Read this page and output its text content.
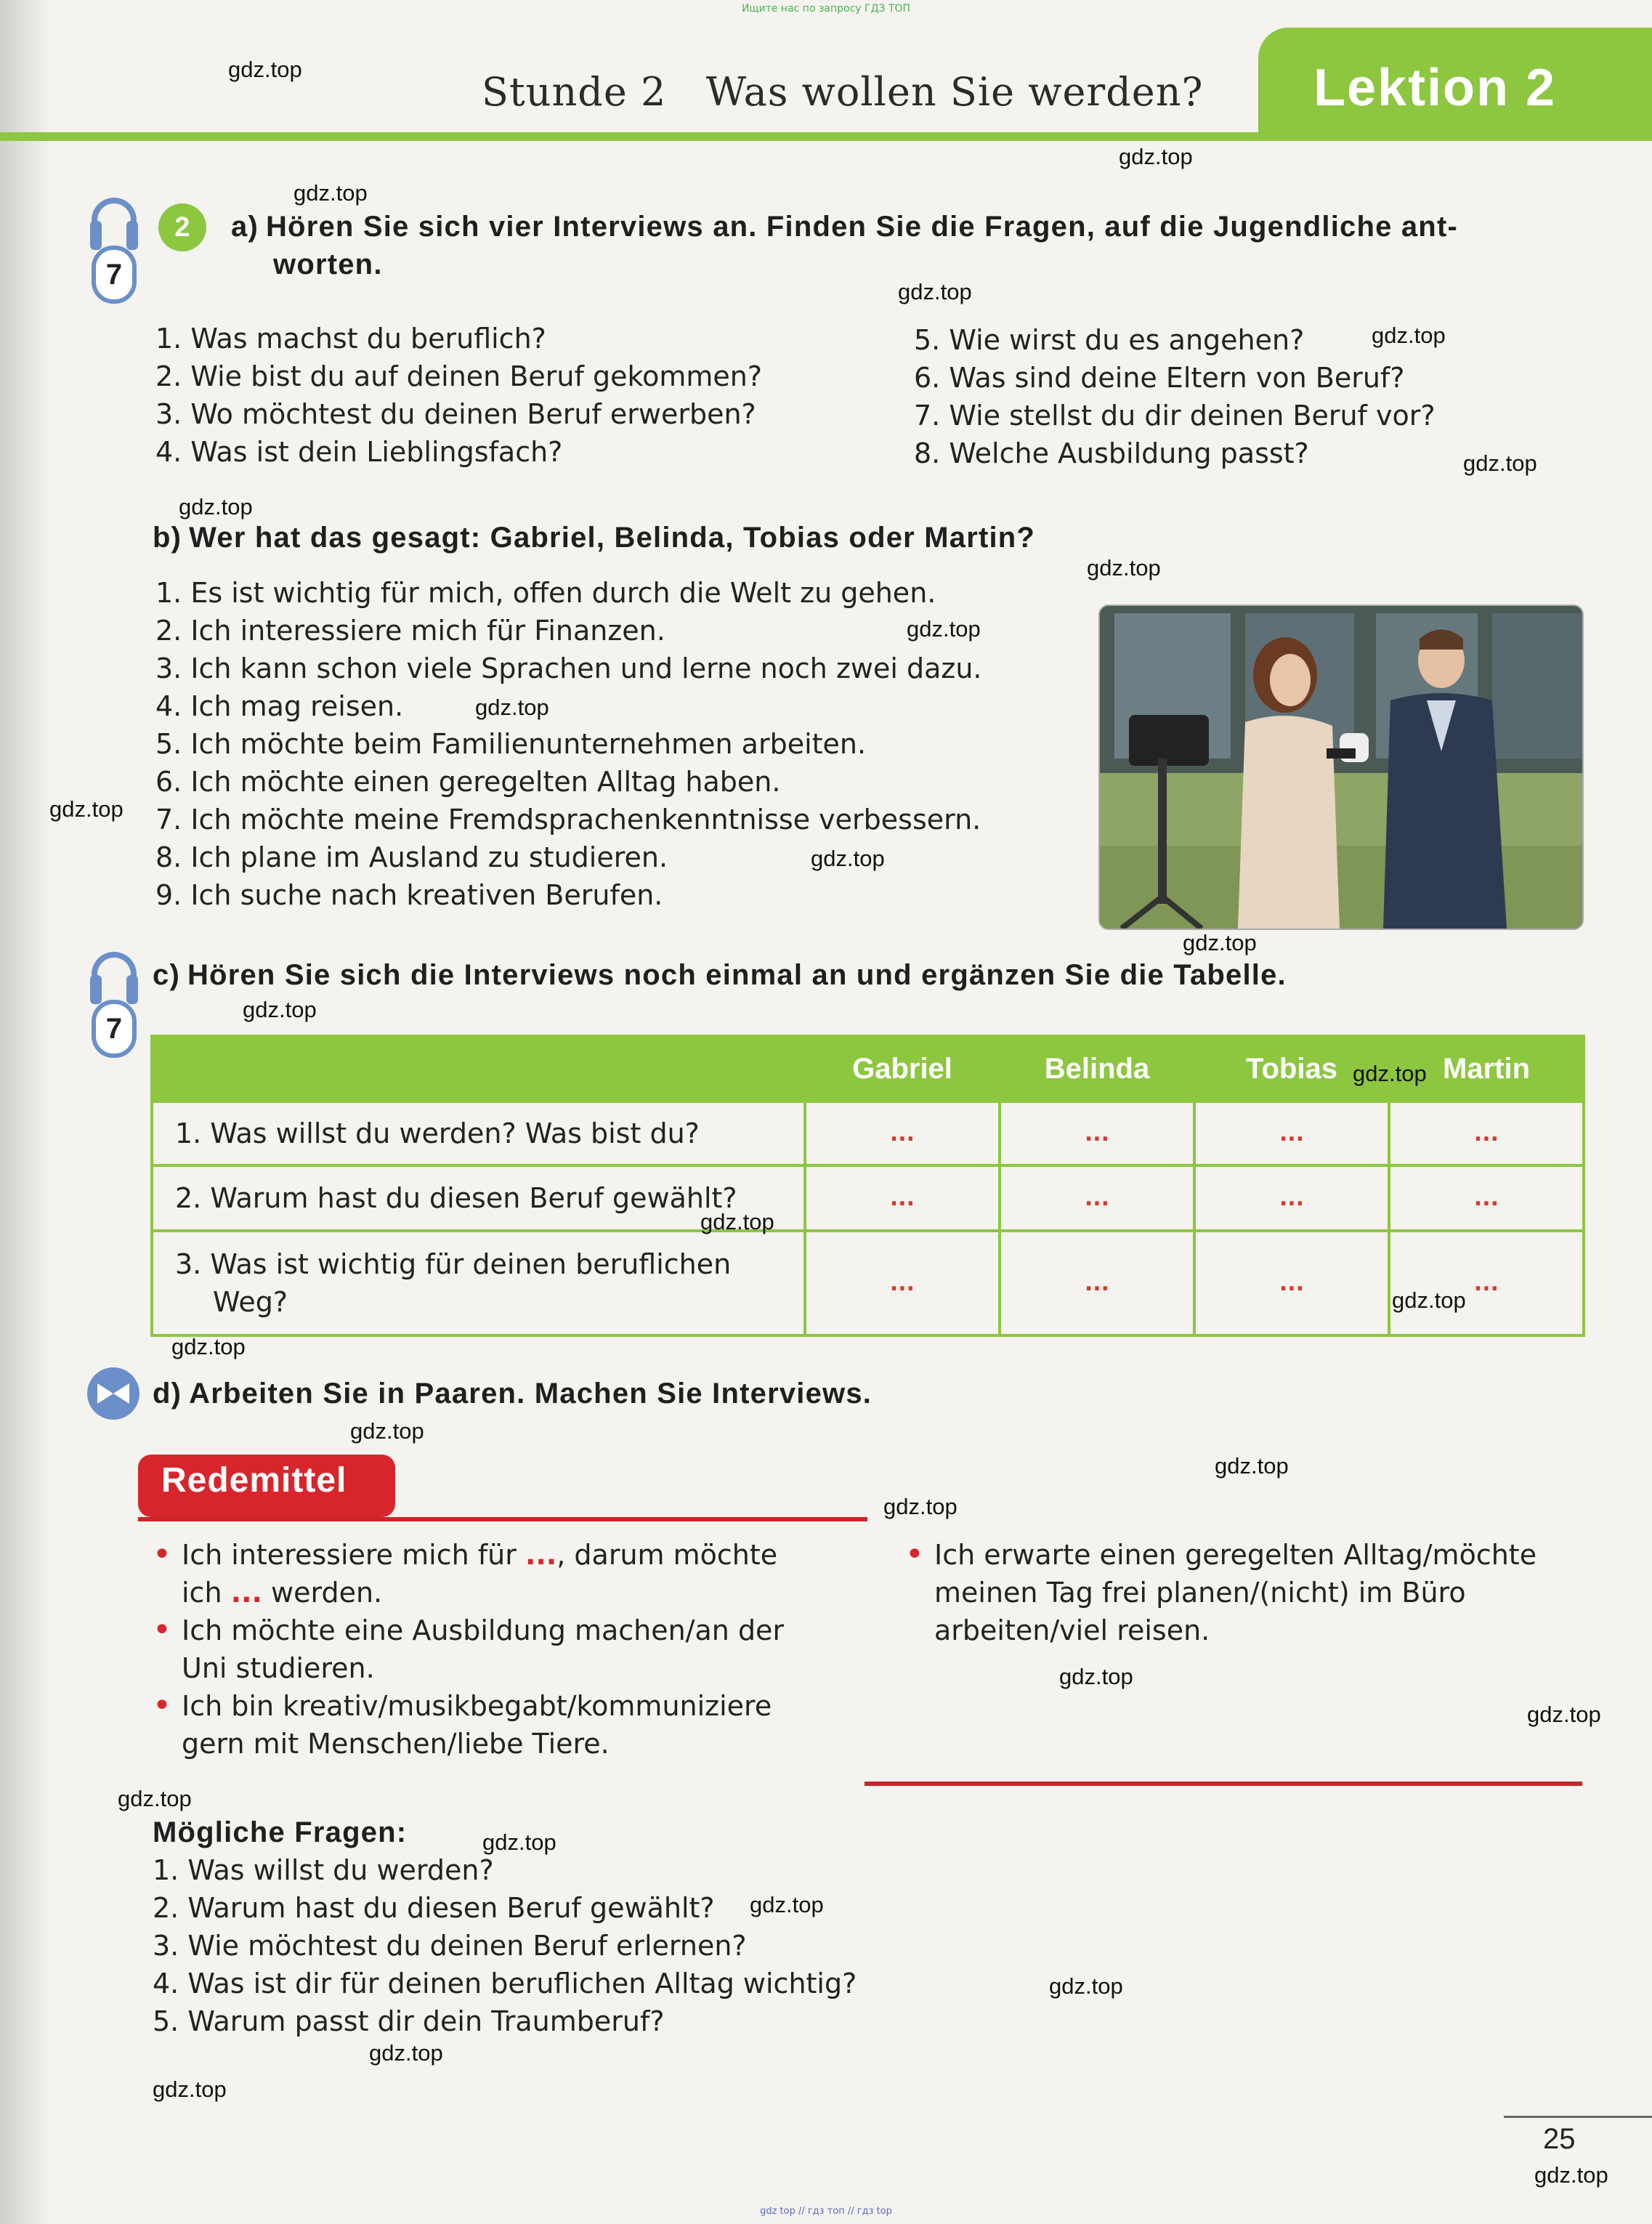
Ищите нас по запросу ГДЗ ТОП
Lektion 2
Stunde 2   Was wollen Sie werden?
7
2	a) Hören Sie sich vier Interviews an. Finden Sie die Fragen, auf die Jugendliche ant-
worten.
1. Was machst du beruflich?
2. Wie bist du auf deinen Beruf gekommen?
3. Wo möchtest du deinen Beruf erwerben?
4. Was ist dein Lieblingsfach?
5. Wie wirst du es angehen?
6. Was sind deine Eltern von Beruf?
7. Wie stellst du dir deinen Beruf vor?
8. Welche Ausbildung passt?
b) Wer hat das gesagt: Gabriel, Belinda, Tobias oder Martin?
1. Es ist wichtig für mich, offen durch die Welt zu gehen.
2. Ich interessiere mich für Finanzen.
3. Ich kann schon viele Sprachen und lerne noch zwei dazu.
4. Ich mag reisen.
5. Ich möchte beim Familienunternehmen arbeiten.
6. Ich möchte einen geregelten Alltag haben.
7. Ich möchte meine Fremdsprachenkenntnisse verbessern.
8. Ich plane im Ausland zu studieren.
9. Ich suche nach kreativen Berufen.
7
c) Hören Sie sich die Interviews noch einmal an und ergänzen Sie die Tabelle.
	Gabriel	Belinda	Tobias	Martin
1. Was willst du werden? Was bist du?	...	...	...	...
2. Warum hast du diesen Beruf gewählt?	...	...	...	...

3. Was ist wichtig für deinen beruflichen
Weg?	...	...	...	...
d) Arbeiten Sie in Paaren. Machen Sie Interviews.
Redemittel
• Ich interessiere mich für ..., darum möchte
ich ... werden.
• Ich möchte eine Ausbildung machen/an der
Uni studieren.
• Ich bin kreativ/musikbegabt/kommuniziere
gern mit Menschen/liebe Tiere.
• Ich erwarte einen geregelten Alltag/möchte
meinen Tag frei planen/(nicht) im Büro
arbeiten/viel reisen.
Mögliche Fragen:
1. Was willst du werden?
2. Warum hast du diesen Beruf gewählt?
3. Wie möchtest du deinen Beruf erlernen?
4. Was ist dir für deinen beruflichen Alltag wichtig?
5. Warum passt dir dein Traumberuf?
25
gdz top // гдз топ // гдз top
gdz.top
gdz.top
gdz.top
gdz.top
gdz.top
gdz.top
gdz.top
gdz.top
gdz.top
gdz.top
gdz.top
gdz.top
gdz.top
gdz.top
gdz.top
gdz.top
gdz.top
gdz.top
gdz.top
gdz.top
gdz.top
gdz.top
gdz.top
gdz.top
gdz.top
gdz.top
gdz.top
gdz.top
gdz.top
gdz.top
